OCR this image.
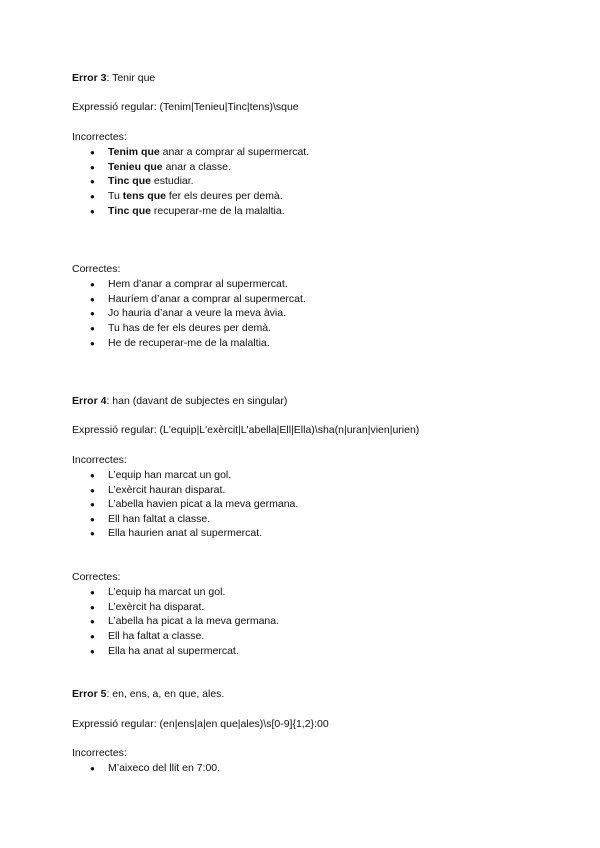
Error 3: Tenir que
Expressió regular: (Tenim|Tenieu|Tinc|tens)\sque
Incorrectes:
● Tenim que anar a comprar al supermercat.
● Tenieu que anar a classe.
● Tinc que estudiar.
● Tu tens que fer els deures per demà.
● Tinc que recuperar-me de la malaltia.
Correctes:
● Hem d’anar a comprar al supermercat.
● Hauríem d’anar a comprar al supermercat.
● Jo hauria d’anar a veure la meva àvia.
● Tu has de fer els deures per demà.
● He de recuperar-me de la malaltia.
Error 4: han (davant de subjectes en singular)
Expressió regular: (L'equip|L'exèrcit|L'abella|Ell|Ella)\sha(n|uran|vien|urien)
Incorrectes:
● L’equip han marcat un gol.
● L’exèrcit hauran disparat.
● L’abella havien picat a la meva germana.
● Ell han faltat a classe.
● Ella haurien anat al supermercat.
Correctes:
● L’equip ha marcat un gol.
● L’exèrcit ha disparat.
● L’abella ha picat a la meva germana.
● Ell ha faltat a classe.
● Ella ha anat al supermercat.
Error 5: en, ens, a, en que, ales.
Expressió regular: (en|ens|a|en que|ales)\s[0-9]{1,2}:00
Incorrectes:
● M’aixeco del llit en 7:00.
